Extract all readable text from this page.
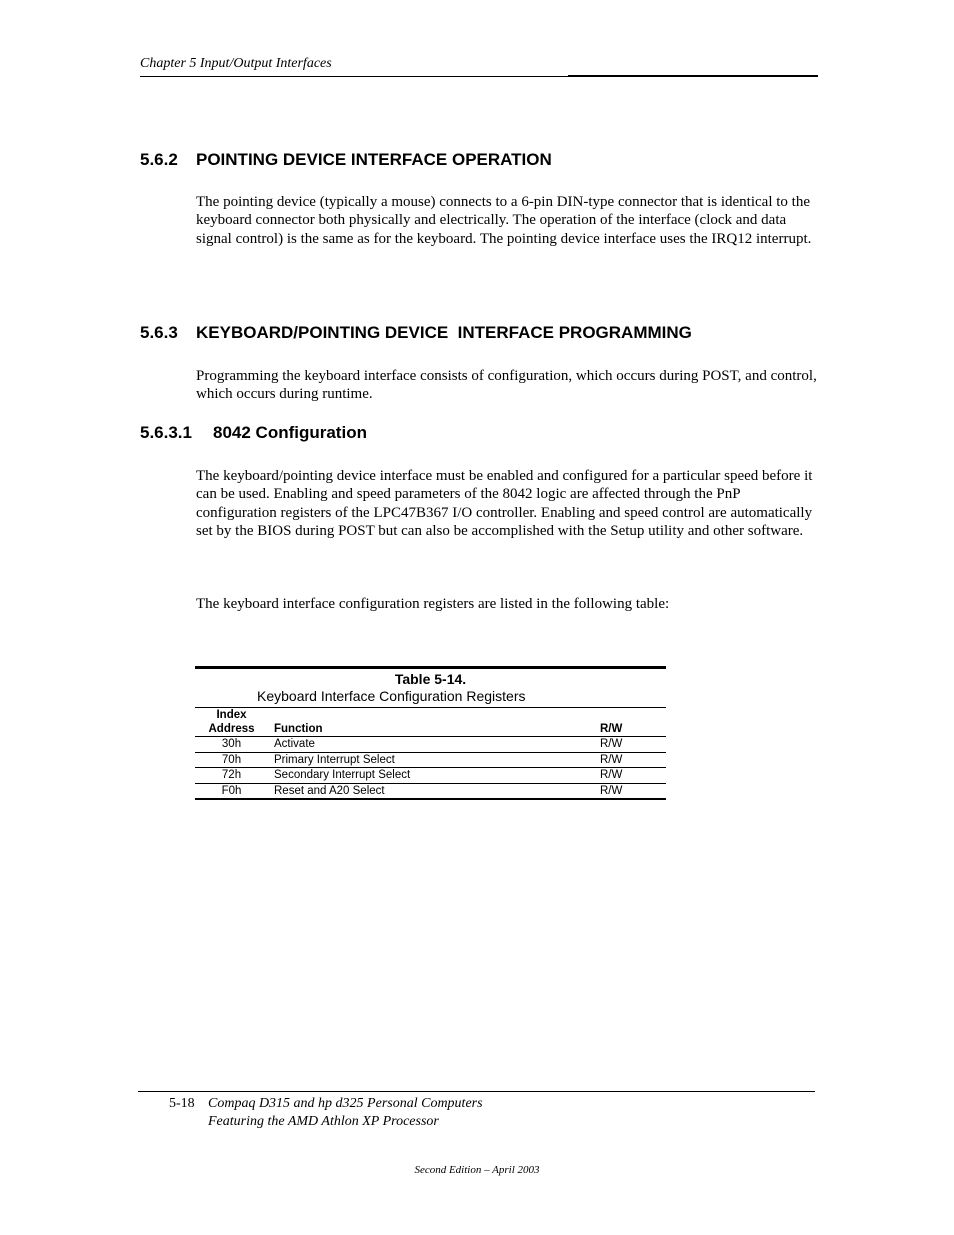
Chapter 5 Input/Output Interfaces
5.6.2 POINTING DEVICE INTERFACE OPERATION

The pointing device (typically a mouse) connects to a 6-pin DIN-type connector that is identical to the keyboard connector both physically and electrically. The operation of the interface (clock and data signal control) is the same as for the keyboard. The pointing device interface uses the IRQ12 interrupt.

5.6.3 KEYBOARD/POINTING DEVICE  INTERFACE PROGRAMMING

Programming the keyboard interface consists of configuration, which occurs during POST, and control, which occurs during runtime.

5.6.3.1 8042 Configuration

The keyboard/pointing device interface must be enabled and configured for a particular speed before it can be used. Enabling and speed parameters of the 8042 logic are affected through the PnP configuration registers of the LPC47B367 I/O controller. Enabling and speed control are automatically set by the BIOS during POST but can also be accomplished with the Setup utility and other software.

The keyboard interface configuration registers are listed in the following table:

Table 5-14.
Keyboard Interface Configuration Registers
Index
Address	Function	R/W
30h	Activate	R/W
70h	Primary Interrupt Select	R/W
72h	Secondary Interrupt Select	R/W
F0h	Reset and A20 Select	R/W
5-18 Compaq D315 and hp d325 Personal Computers
Featuring the AMD Athlon XP Processor
Second Edition – April 2003
